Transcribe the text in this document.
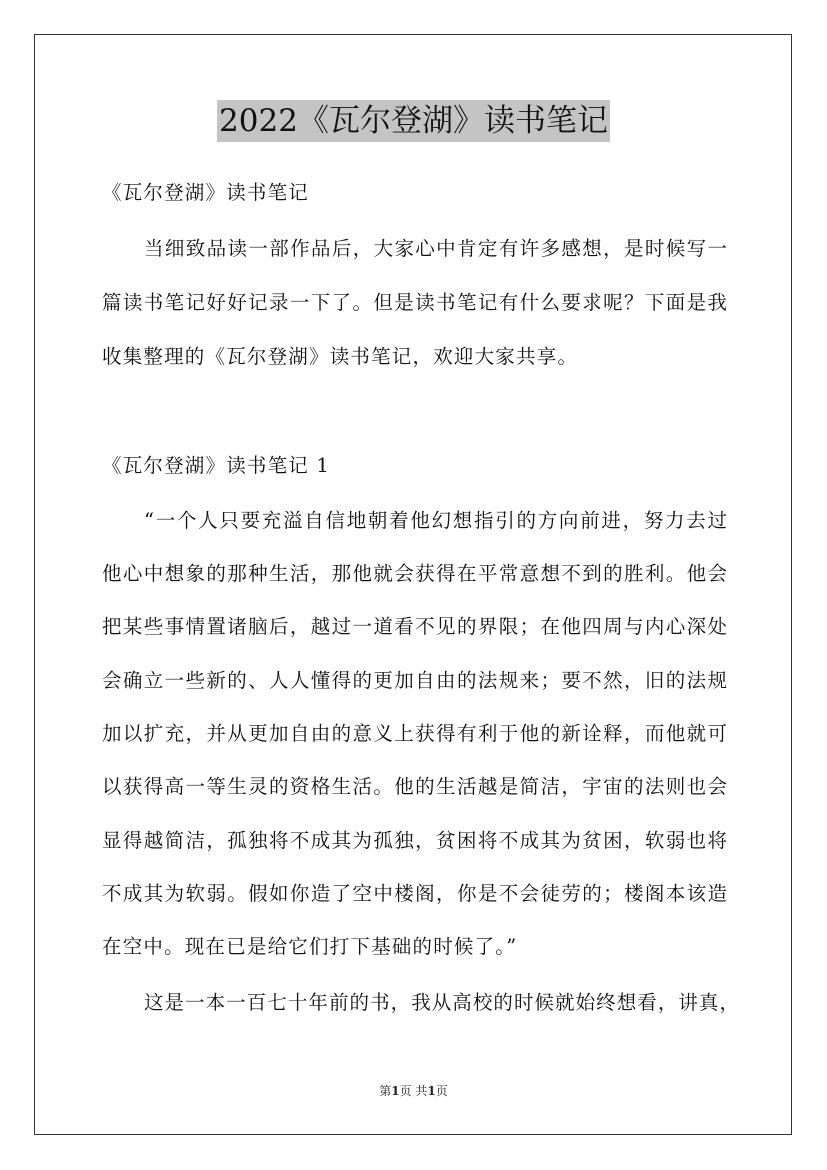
2022《瓦尔登湖》读书笔记
《瓦尔登湖》读书笔记
当细致品读一部作品后，大家心中肯定有许多感想，是时候写一
篇读书笔记好好记录一下了。但是读书笔记有什么要求呢？下面是我
收集整理的《瓦尔登湖》读书笔记，欢迎大家共享。
《瓦尔登湖》读书笔记 1
“一个人只要充溢自信地朝着他幻想指引的方向前进，努力去过
他心中想象的那种生活，那他就会获得在平常意想不到的胜利。他会
把某些事情置诸脑后，越过一道看不见的界限；在他四周与内心深处
会确立一些新的、人人懂得的更加自由的法规来；要不然，旧的法规
加以扩充，并从更加自由的意义上获得有利于他的新诠释，而他就可
以获得高一等生灵的资格生活。他的生活越是简洁，宇宙的法则也会
显得越简洁，孤独将不成其为孤独，贫困将不成其为贫困，软弱也将
不成其为软弱。假如你造了空中楼阁，你是不会徒劳的；楼阁本该造
在空中。现在已是给它们打下基础的时候了。”
这是一本一百七十年前的书，我从高校的时候就始终想看，讲真，
第1页 共1页
